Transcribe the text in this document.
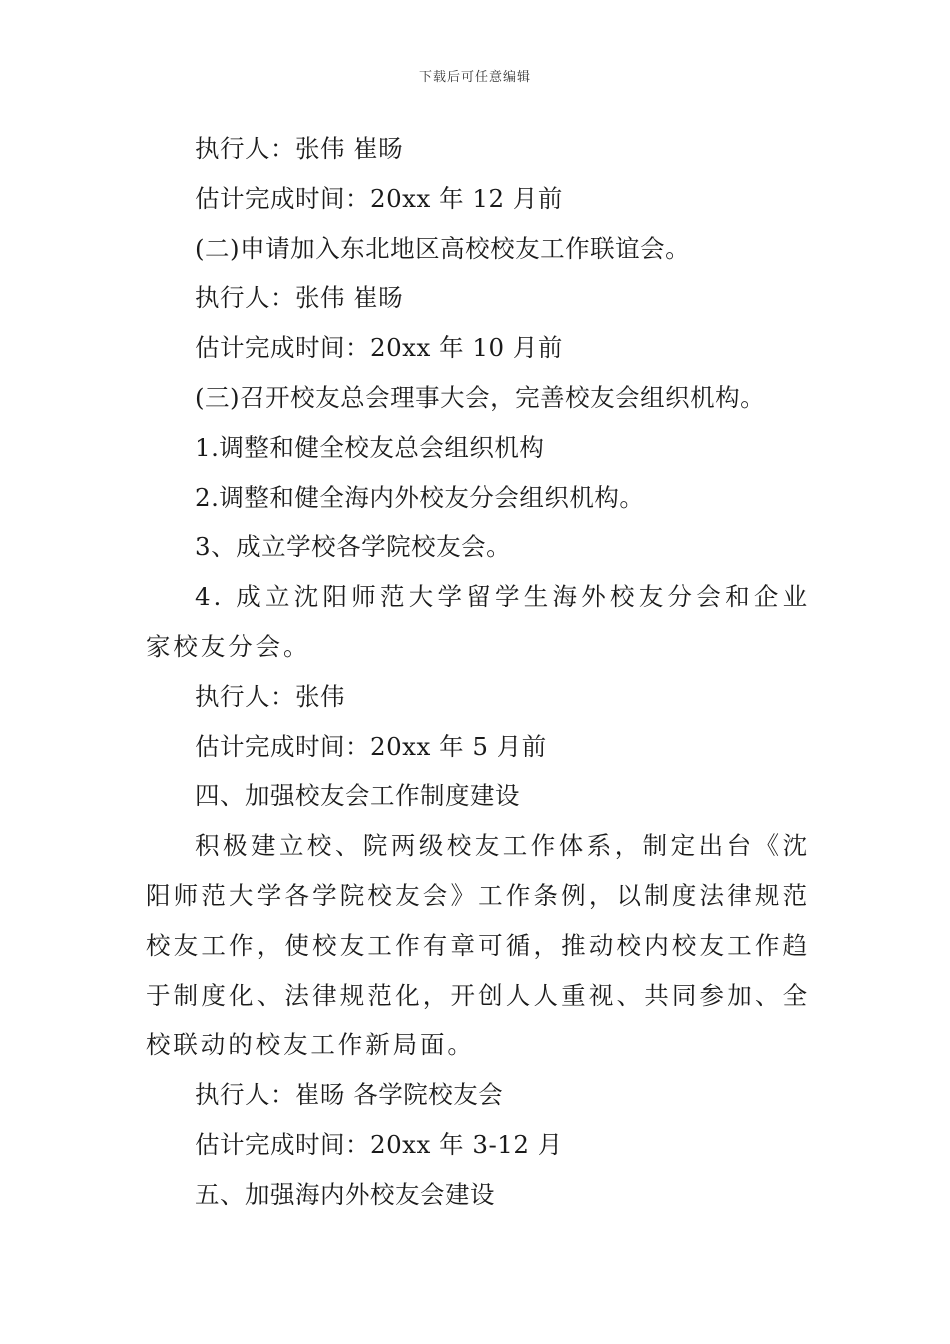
下载后可任意编辑
执行人：张伟 崔旸
估计完成时间：20xx 年 12 月前
(二)申请加入东北地区高校校友工作联谊会。
执行人：张伟 崔旸
估计完成时间：20xx 年 10 月前
(三)召开校友总会理事大会，完善校友会组织机构。
1.调整和健全校友总会组织机构
2.调整和健全海内外校友分会组织机构。
3、成立学校各学院校友会。

4. 成立沈阳师范大学留学生海外校友分会和企业家校友分会。

执行人：张伟
估计完成时间：20xx 年 5 月前
四、加强校友会工作制度建设

积极建立校、院两级校友工作体系，制定出台《沈阳师范大学各学院校友会》工作条例，以制度法律规范校友工作，使校友工作有章可循，推动校内校友工作趋于制度化、法律规范化，开创人人重视、共同参加、全校联动的校友工作新局面。

执行人：崔旸 各学院校友会
估计完成时间：20xx 年 3-12 月
五、加强海内外校友会建设
